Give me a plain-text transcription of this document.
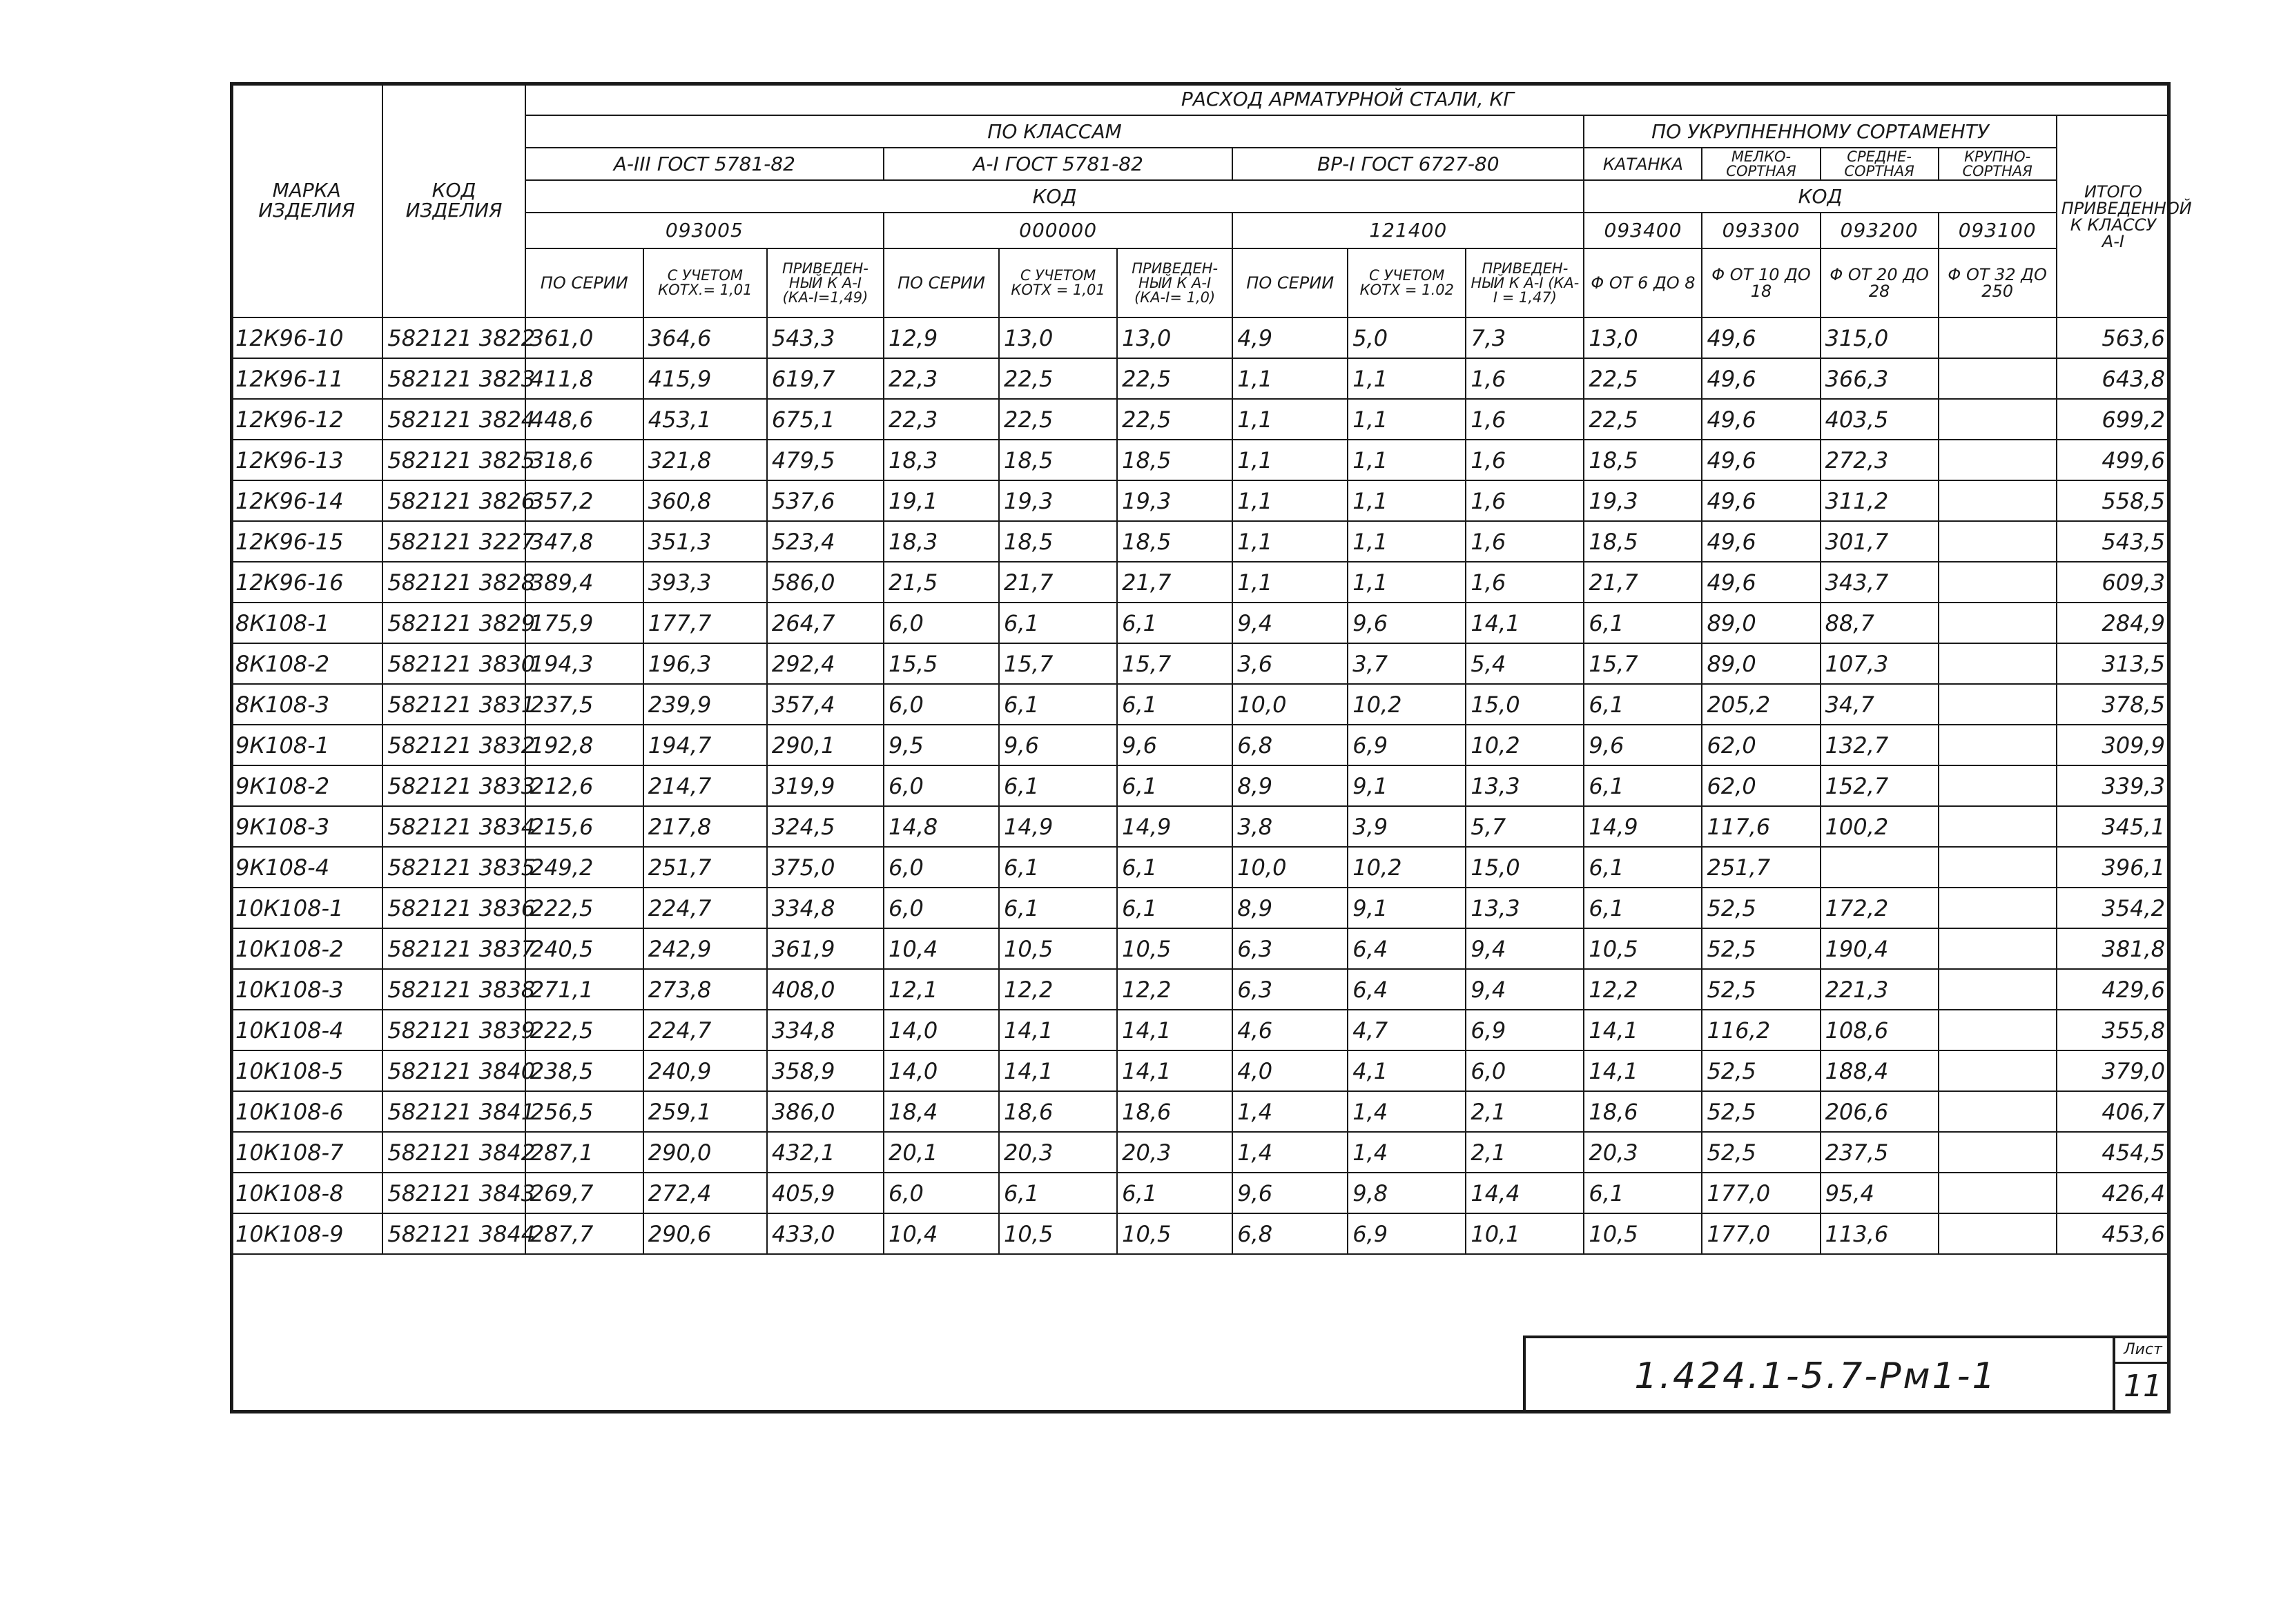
МАРКА ИЗДЕЛИЯ	КОД ИЗДЕЛИЯ	РАСХОД АРМАТУРНОЙ СТАЛИ, КГ													
		ПО КЛАССАМ									ПО УКРУПНЕННОМУ СОРТАМЕНТУ				ИТОГО ПРИВЕДЕННОЙ К КЛАССУ А-I

		А-III ГОСТ 5781-82			А-I ГОСТ 5781-82			ВР-I ГОСТ 6727-80			КАТАНКА	МЕЛКО-СОРТНАЯ	СРЕДНЕ-СОРТНАЯ	КРУПНО-СОРТНАЯ	

		КОД									КОД				
		093005			000000			121400			093400	093300	093200	093100	

		ПО СЕРИИ	С УЧЕТОМ КОТХ.= 1,01	ПРИВЕДЕН-НЫЙ К А-I (КА-I=1,49)	ПО СЕРИИ	С УЧЕТОМ КОТХ = 1,01	ПРИВЕДЕН-НЫЙ К А-I (КА-I= 1,0)	ПО СЕРИИ	С УЧЕТОМ КОТХ = 1.02	ПРИВЕДЕН-НЫЙ К А-I (КА-I = 1,47)	Φ ОТ 6 ДО 8	Φ ОТ 10 ДО 18	Φ ОТ 20 ДО 28	Φ ОТ 32 ДО 250	

12К96-10	582121 3822	361,0	364,6	543,3	12,9	13,0	13,0	4,9	5,0	7,3	13,0	49,6	315,0		563,6
12К96-11	582121 3823	411,8	415,9	619,7	22,3	22,5	22,5	1,1	1,1	1,6	22,5	49,6	366,3		643,8
12К96-12	582121 3824	448,6	453,1	675,1	22,3	22,5	22,5	1,1	1,1	1,6	22,5	49,6	403,5		699,2
12К96-13	582121 3825	318,6	321,8	479,5	18,3	18,5	18,5	1,1	1,1	1,6	18,5	49,6	272,3		499,6
12К96-14	582121 3826	357,2	360,8	537,6	19,1	19,3	19,3	1,1	1,1	1,6	19,3	49,6	311,2		558,5
12К96-15	582121 3227	347,8	351,3	523,4	18,3	18,5	18,5	1,1	1,1	1,6	18,5	49,6	301,7		543,5
12К96-16	582121 3828	389,4	393,3	586,0	21,5	21,7	21,7	1,1	1,1	1,6	21,7	49,6	343,7		609,3
8К108-1	582121 3829	175,9	177,7	264,7	6,0	6,1	6,1	9,4	9,6	14,1	6,1	89,0	88,7		284,9
8К108-2	582121 3830	194,3	196,3	292,4	15,5	15,7	15,7	3,6	3,7	5,4	15,7	89,0	107,3		313,5
8К108-3	582121 3831	237,5	239,9	357,4	6,0	6,1	6,1	10,0	10,2	15,0	6,1	205,2	34,7		378,5
9К108-1	582121 3832	192,8	194,7	290,1	9,5	9,6	9,6	6,8	6,9	10,2	9,6	62,0	132,7		309,9
9К108-2	582121 3833	212,6	214,7	319,9	6,0	6,1	6,1	8,9	9,1	13,3	6,1	62,0	152,7		339,3
9К108-3	582121 3834	215,6	217,8	324,5	14,8	14,9	14,9	3,8	3,9	5,7	14,9	117,6	100,2		345,1
9К108-4	582121 3835	249,2	251,7	375,0	6,0	6,1	6,1	10,0	10,2	15,0	6,1	251,7			396,1
10К108-1	582121 3836	222,5	224,7	334,8	6,0	6,1	6,1	8,9	9,1	13,3	6,1	52,5	172,2		354,2
10К108-2	582121 3837	240,5	242,9	361,9	10,4	10,5	10,5	6,3	6,4	9,4	10,5	52,5	190,4		381,8
10К108-3	582121 3838	271,1	273,8	408,0	12,1	12,2	12,2	6,3	6,4	9,4	12,2	52,5	221,3		429,6
10К108-4	582121 3839	222,5	224,7	334,8	14,0	14,1	14,1	4,6	4,7	6,9	14,1	116,2	108,6		355,8
10К108-5	582121 3840	238,5	240,9	358,9	14,0	14,1	14,1	4,0	4,1	6,0	14,1	52,5	188,4		379,0
10К108-6	582121 3841	256,5	259,1	386,0	18,4	18,6	18,6	1,4	1,4	2,1	18,6	52,5	206,6		406,7
10К108-7	582121 3842	287,1	290,0	432,1	20,1	20,3	20,3	1,4	1,4	2,1	20,3	52,5	237,5		454,5
10К108-8	582121 3843	269,7	272,4	405,9	6,0	6,1	6,1	9,6	9,8	14,4	6,1	177,0	95,4		426,4
10К108-9	582121 3844	287,7	290,6	433,0	10,4	10,5	10,5	6,8	6,9	10,1	10,5	177,0	113,6		453,6
1.424.1-5.7-Рм1-1
Лист
11
